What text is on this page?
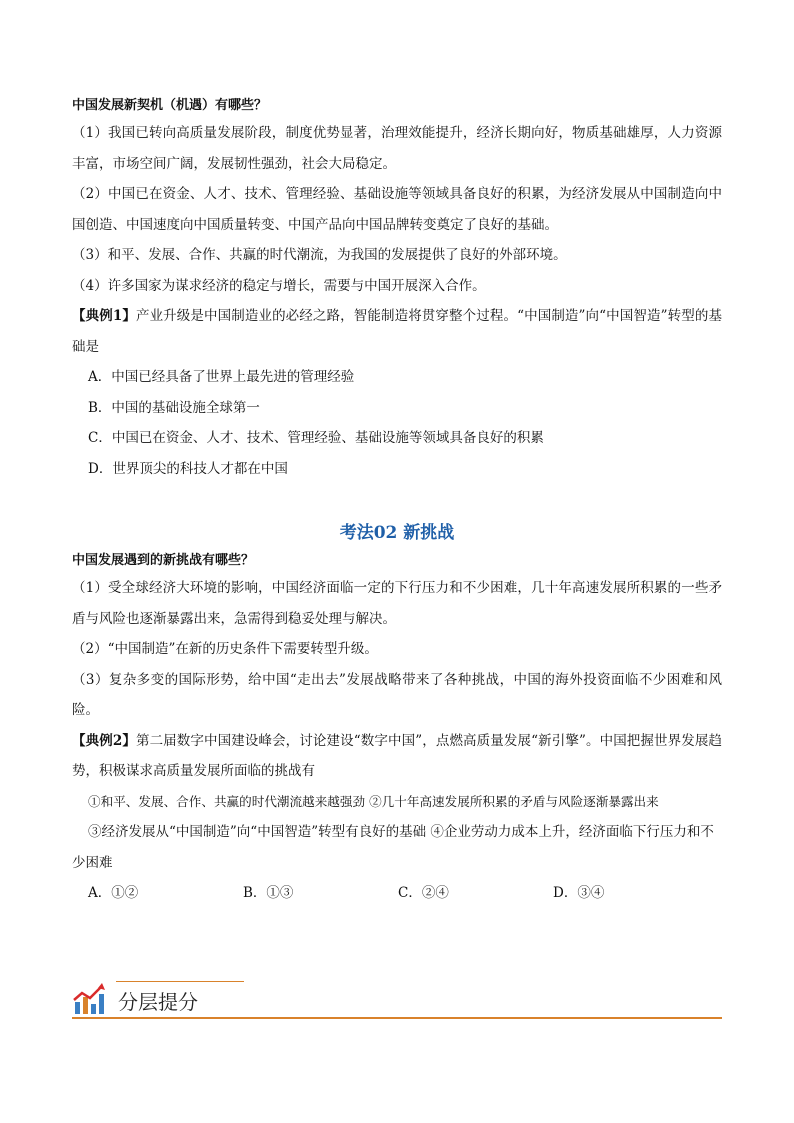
中国发展新契机（机遇）有哪些？

（1）我国已转向高质量发展阶段，制度优势显著，治理效能提升，经济长期向好，物质基础雄厚，人力资源丰富，市场空间广阔，发展韧性强劲，社会大局稳定。

（2）中国已在资金、人才、技术、管理经验、基础设施等领域具备良好的积累，为经济发展从中国制造向中国创造、中国速度向中国质量转变、中国产品向中国品牌转变奠定了良好的基础。

（3）和平、发展、合作、共赢的时代潮流，为我国的发展提供了良好的外部环境。

（4）许多国家为谋求经济的稳定与增长，需要与中国开展深入合作。

【典例1】产业升级是中国制造业的必经之路，智能制造将贯穿整个过程。“中国制造”向“中国智造”转型的基础是

A．中国已经具备了世界上最先进的管理经验

B．中国的基础设施全球第一

C．中国已在资金、人才、技术、管理经验、基础设施等领域具备良好的积累

D．世界顶尖的科技人才都在中国

考法02 新挑战

中国发展遇到的新挑战有哪些？

（1）受全球经济大环境的影响，中国经济面临一定的下行压力和不少困难，几十年高速发展所积累的一些矛盾与风险也逐渐暴露出来，急需得到稳妥处理与解决。

（2）“中国制造”在新的历史条件下需要转型升级。

（3）复杂多变的国际形势，给中国“走出去”发展战略带来了各种挑战，中国的海外投资面临不少困难和风险。

【典例2】第二届数字中国建设峰会，讨论建设“数字中国”，点燃高质量发展“新引擎”。中国把握世界发展趋势，积极谋求高质量发展所面临的挑战有

①和平、发展、合作、共赢的时代潮流越来越强劲 ②几十年高速发展所积累的矛盾与风险逐渐暴露出来

③经济发展从“中国制造”向“中国智造”转型有良好的基础 ④企业劳动力成本上升，经济面临下行压力和不少困难

A．①②	B．①③	C．②④	D．③④
分层提分
